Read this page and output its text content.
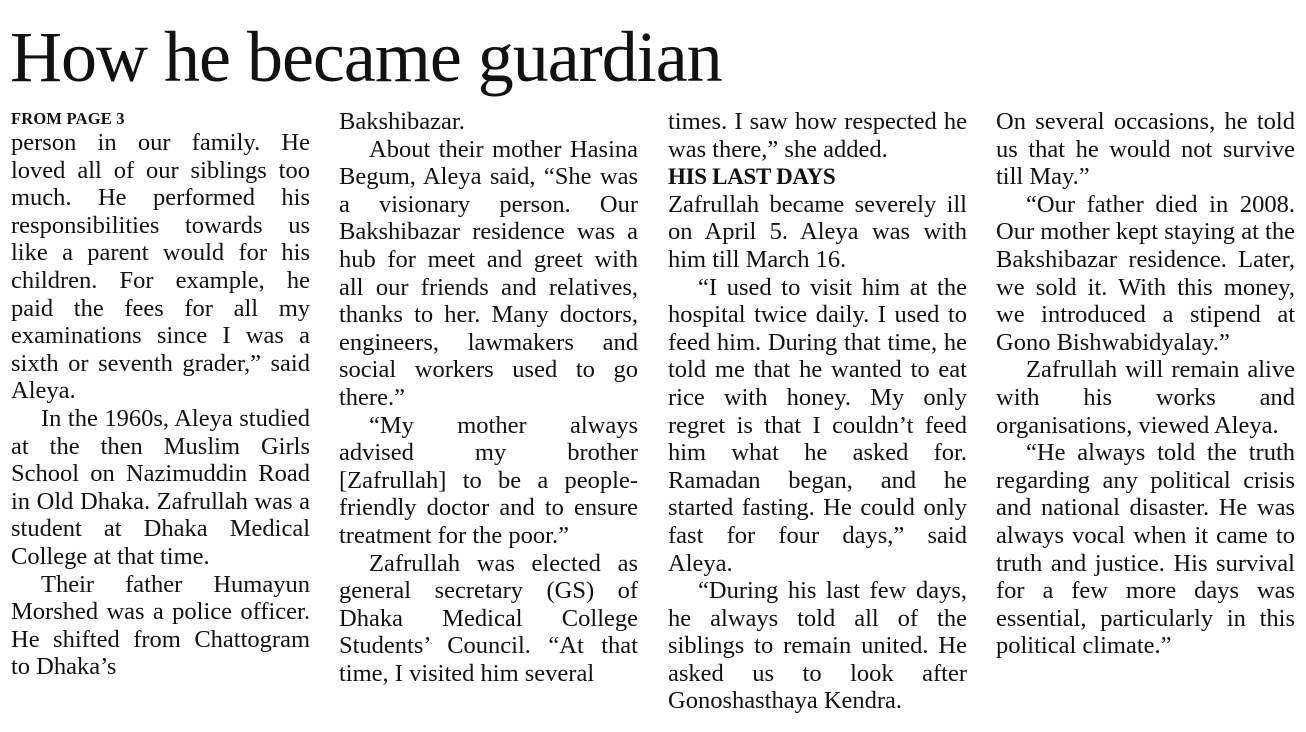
How he became guardian
FROM PAGE 3

person in our family. He loved all of our siblings too much. He performed his responsibilities towards us like a parent would for his children. For example, he paid the fees for all my examinations since I was a sixth or seventh grader,” said Aleya.

In the 1960s, Aleya studied at the then Muslim Girls School on Nazimuddin Road in Old Dhaka. Zafrullah was a student at Dhaka Medical College at that time.

Their father Humayun Morshed was a police officer. He shifted from Chattogram to Dhaka’s

Bakshibazar.

About their mother Hasina Begum, Aleya said, “She was a visionary person. Our Bakshibazar residence was a hub for meet and greet with all our friends and relatives, thanks to her. Many doctors, engineers, lawmakers and social workers used to go there.”

“My mother always advised my brother [Zafrullah] to be a people-friendly doctor and to ensure treatment for the poor.”

Zafrullah was elected as general secretary (GS) of Dhaka Medical College Students’ Council. “At that time, I visited him several

times. I saw how respected he was there,” she added.

HIS LAST DAYS

Zafrullah became severely ill on April 5. Aleya was with him till March 16.

“I used to visit him at the hospital twice daily. I used to feed him. During that time, he told me that he wanted to eat rice with honey. My only regret is that I couldn’t feed him what he asked for. Ramadan began, and he started fasting. He could only fast for four days,” said Aleya.

“During his last few days, he always told all of the siblings to remain united. He asked us to look after Gonoshasthaya Kendra.

On several occasions, he told us that he would not survive till May.”

“Our father died in 2008. Our mother kept staying at the Bakshibazar residence. Later, we sold it. With this money, we introduced a stipend at Gono Bishwabidyalay.”

Zafrullah will remain alive with his works and organisations, viewed Aleya.

“He always told the truth regarding any political crisis and national disaster. He was always vocal when it came to truth and justice. His survival for a few more days was essential, particularly in this political climate.”
